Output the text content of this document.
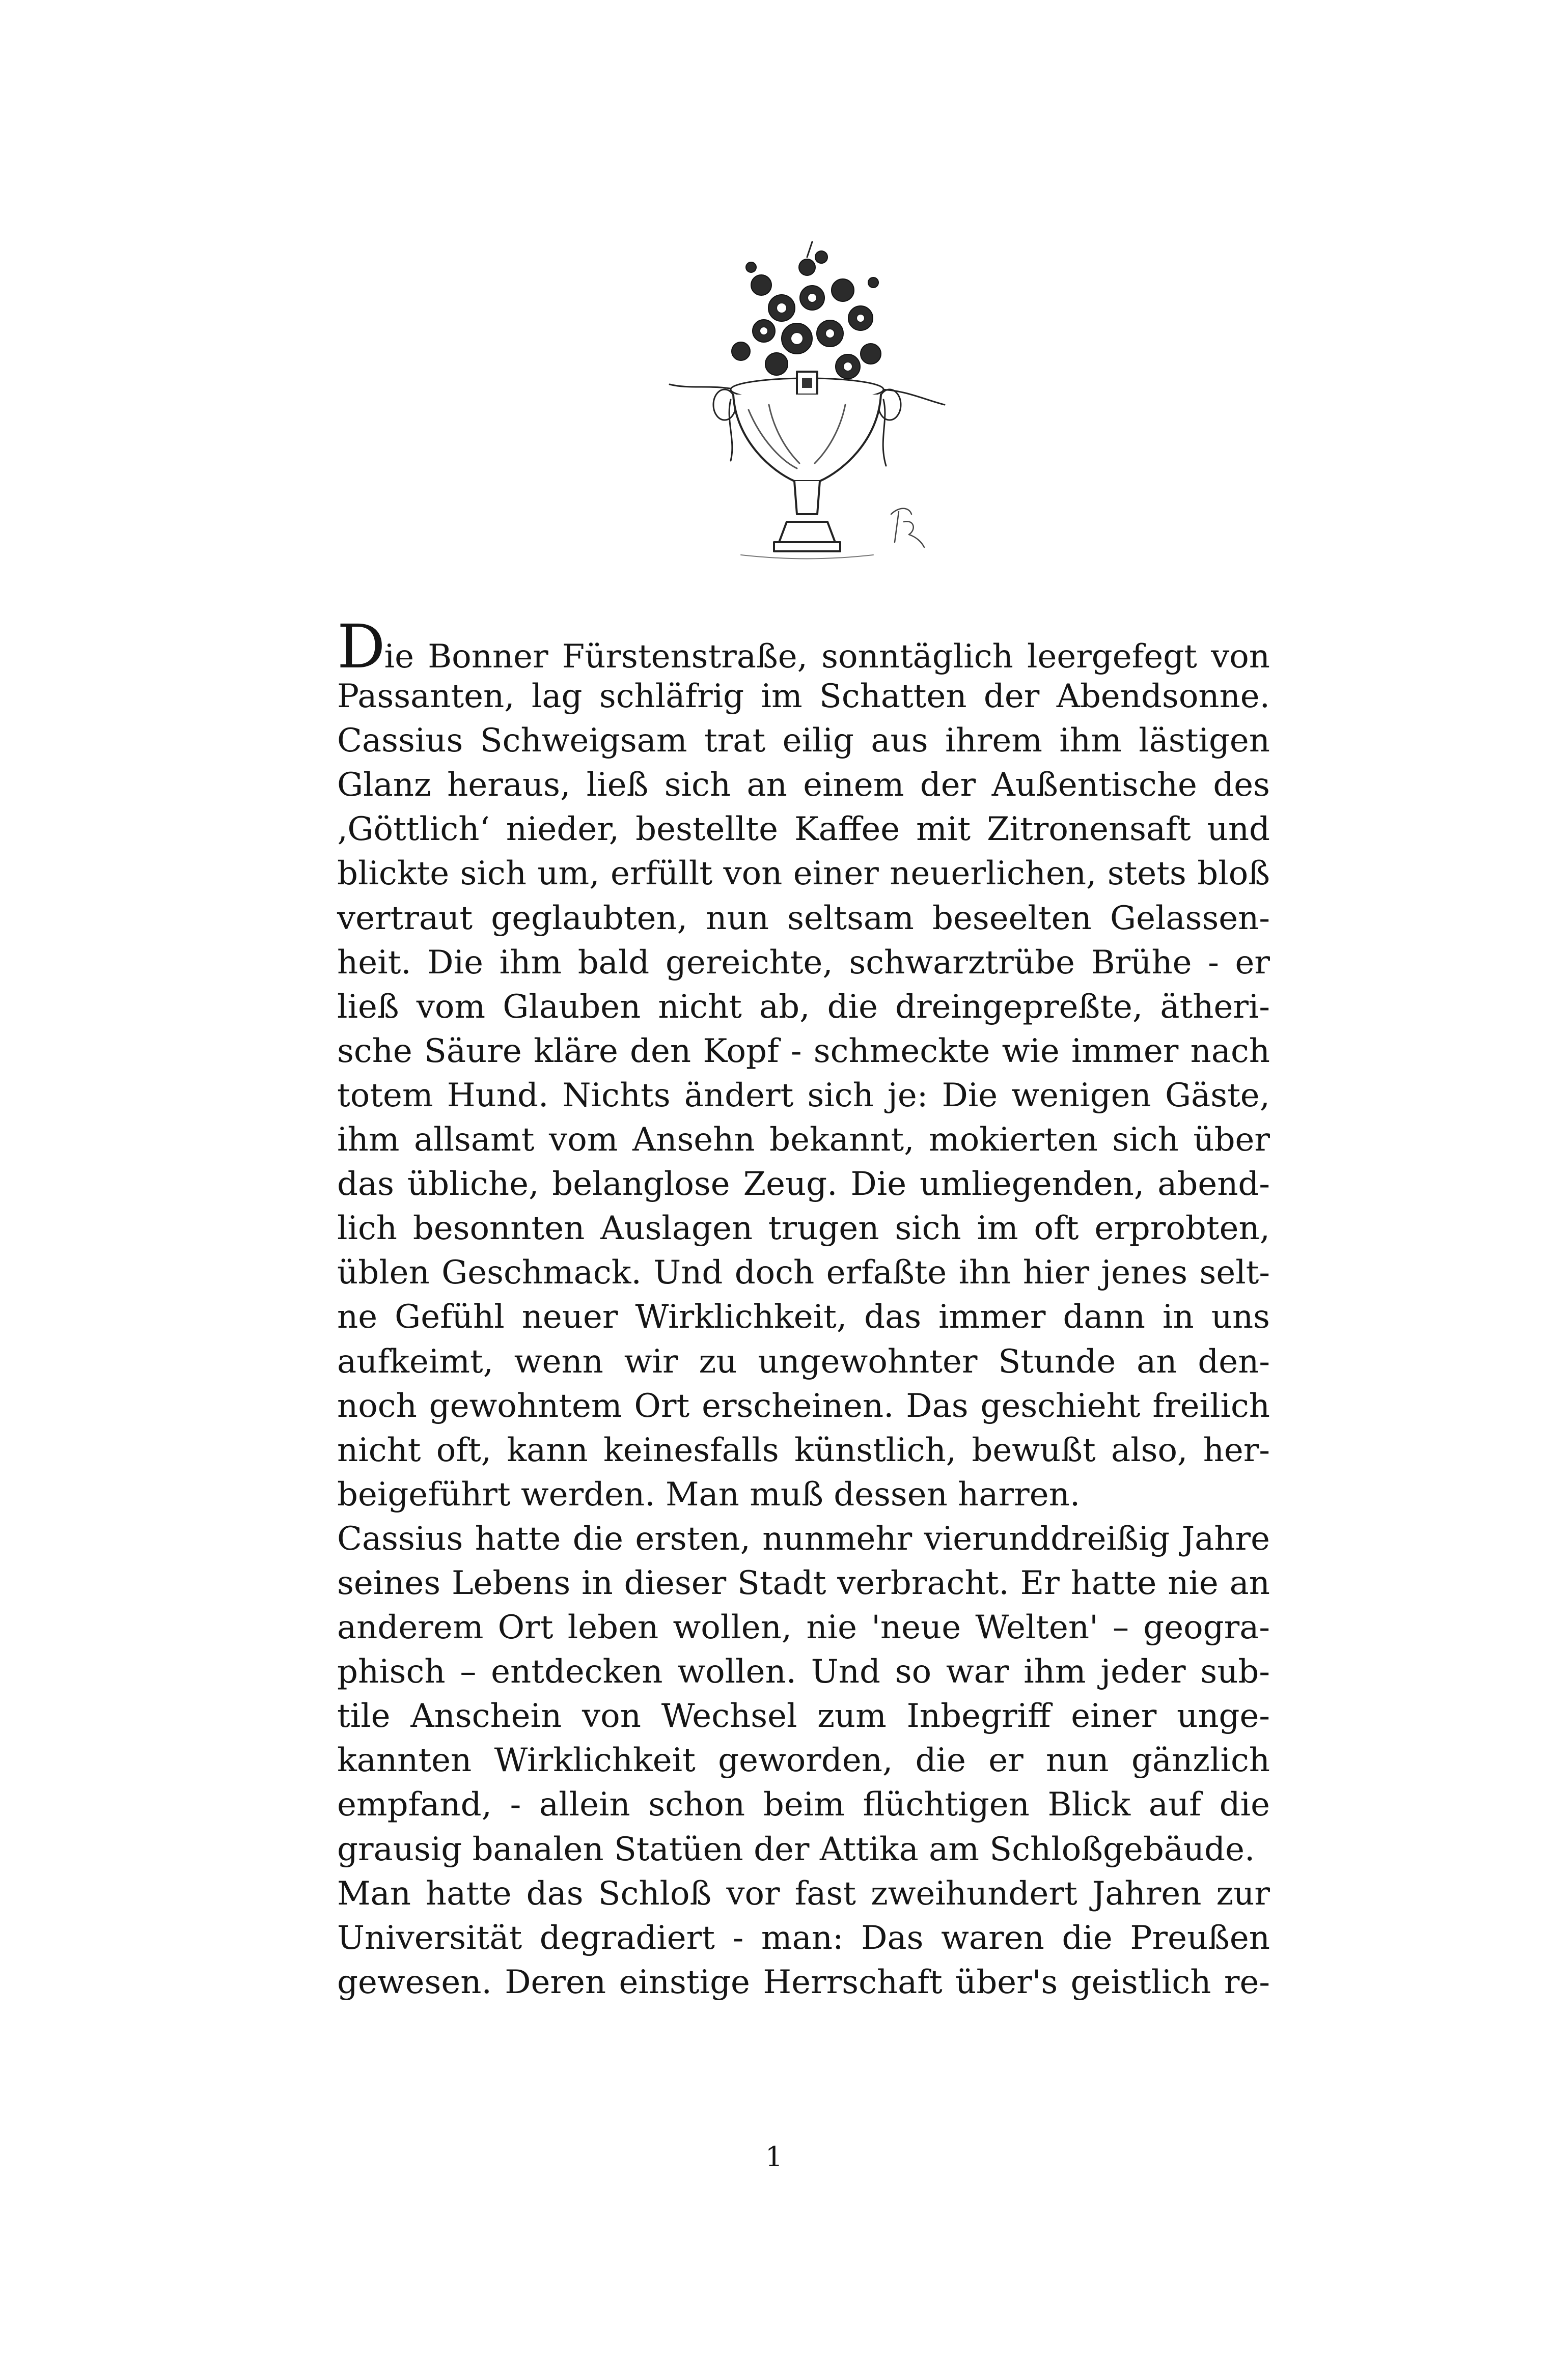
Die Bonner Fürstenstraße, sonntäglich leergefegt von
Passanten, lag schläfrig im Schatten der Abendsonne.
Cassius Schweigsam trat eilig aus ihrem ihm lästigen
Glanz heraus, ließ sich an einem der Außentische des
‚Göttlich‘ nieder, bestellte Kaffee mit Zitronensaft und
blickte sich um, erfüllt von einer neuerlichen, stets bloß
vertraut geglaubten, nun seltsam beseelten Gelassen-
heit. Die ihm bald gereichte, schwarztrübe Brühe - er
ließ vom Glauben nicht ab, die dreingepreßte, ätheri-
sche Säure kläre den Kopf - schmeckte wie immer nach
totem Hund. Nichts ändert sich je: Die wenigen Gäste,
ihm allsamt vom Ansehn bekannt, mokierten sich über
das übliche, belanglose Zeug. Die umliegenden, abend-
lich besonnten Auslagen trugen sich im oft erprobten,
üblen Geschmack. Und doch erfaßte ihn hier jenes selt-
ne Gefühl neuer Wirklichkeit, das immer dann in uns
aufkeimt, wenn wir zu ungewohnter Stunde an den-
noch gewohntem Ort erscheinen. Das geschieht freilich
nicht oft, kann keinesfalls künstlich, bewußt also, her-
beigeführt werden. Man muß dessen harren.
Cassius hatte die ersten, nunmehr vierunddreißig Jahre
seines Lebens in dieser Stadt verbracht. Er hatte nie an
anderem Ort leben wollen, nie 'neue Welten' – geogra-
phisch – entdecken wollen. Und so war ihm jeder sub-
tile Anschein von Wechsel zum Inbegriff einer unge-
kannten Wirklichkeit geworden, die er nun gänzlich
empfand, - allein schon beim flüchtigen Blick auf die
grausig banalen Statüen der Attika am Schloßgebäude.
Man hatte das Schloß vor fast zweihundert Jahren zur
Universität degradiert - man: Das waren die Preußen
gewesen. Deren einstige Herrschaft über's geistlich re-
1
